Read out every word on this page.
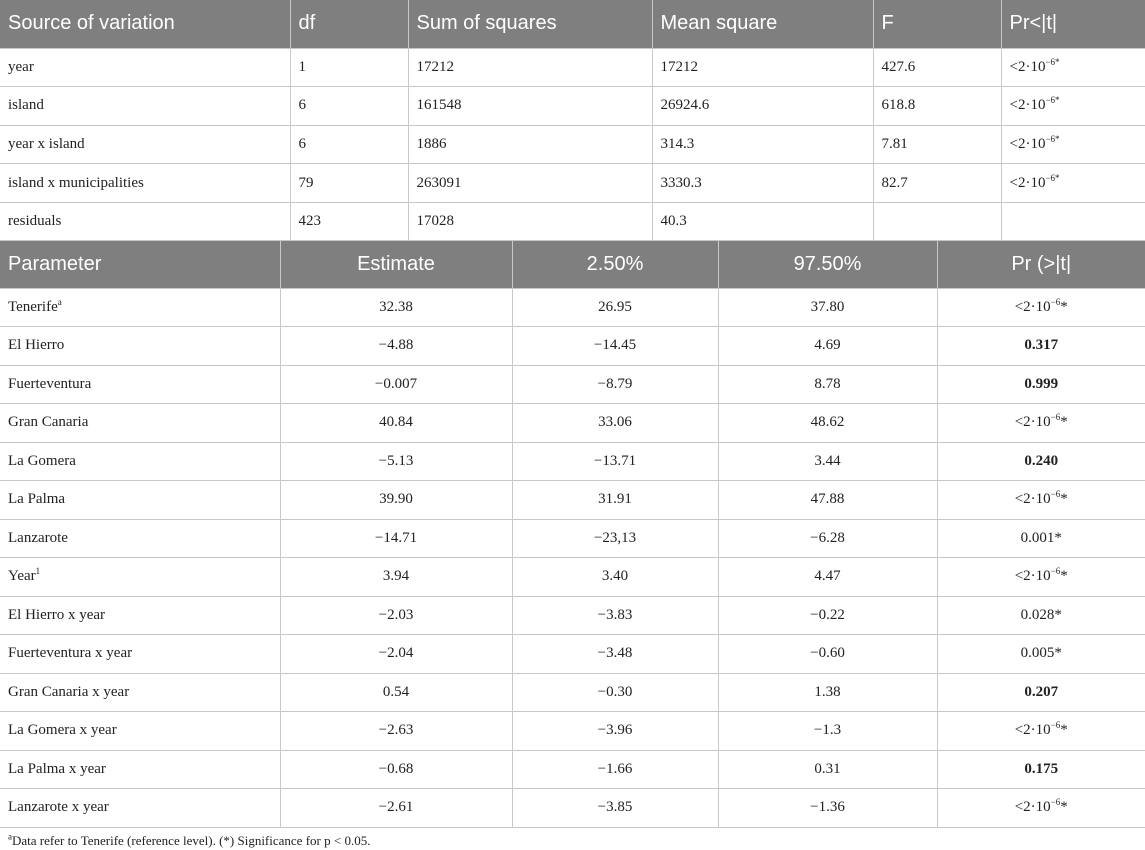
Source of variation	df	Sum of squares	Mean square	F	Pr<|t|
year	1	17212	17212	427.6	$<2\cdot 10^{-6*}$
island	6	161548	26924.6	618.8	$<2\cdot 10^{-6*}$
year x island	6	1886	314.3	7.81	$<2\cdot 10^{-6*}$
island x municipalities	79	263091	3330.3	82.7	$<2\cdot 10^{-6*}$
residuals	423	17028	40.3		
Parameter	Estimate	2.50%	97.50%	Pr (>|t|
Tenerife$^a$	32.38	26.95	37.80	$<2\cdot 10^{-6}*$
El Hierro	−4.88	−14.45	4.69	0.317
Fuerteventura	−0.007	−8.79	8.78	0.999
Gran Canaria	40.84	33.06	48.62	$<2\cdot 10^{-6}*$
La Gomera	−5.13	−13.71	3.44	0.240
La Palma	39.90	31.91	47.88	$<2\cdot 10^{-6}*$
Lanzarote	−14.71	−23,13	−6.28	0.001*
Year$^1$	3.94	3.40	4.47	$<2\cdot 10^{-6}*$
El Hierro x year	−2.03	−3.83	−0.22	0.028*
Fuerteventura x year	−2.04	−3.48	−0.60	0.005*
Gran Canaria x year	0.54	−0.30	1.38	0.207
La Gomera x year	−2.63	−3.96	−1.3	$<2\cdot 10^{-6}*$
La Palma x year	−0.68	−1.66	0.31	0.175
Lanzarote x year	−2.61	−3.85	−1.36	$<2\cdot 10^{-6}*$
$^a$Data refer to Tenerife (reference level). (*) Significance for p < 0.05.
